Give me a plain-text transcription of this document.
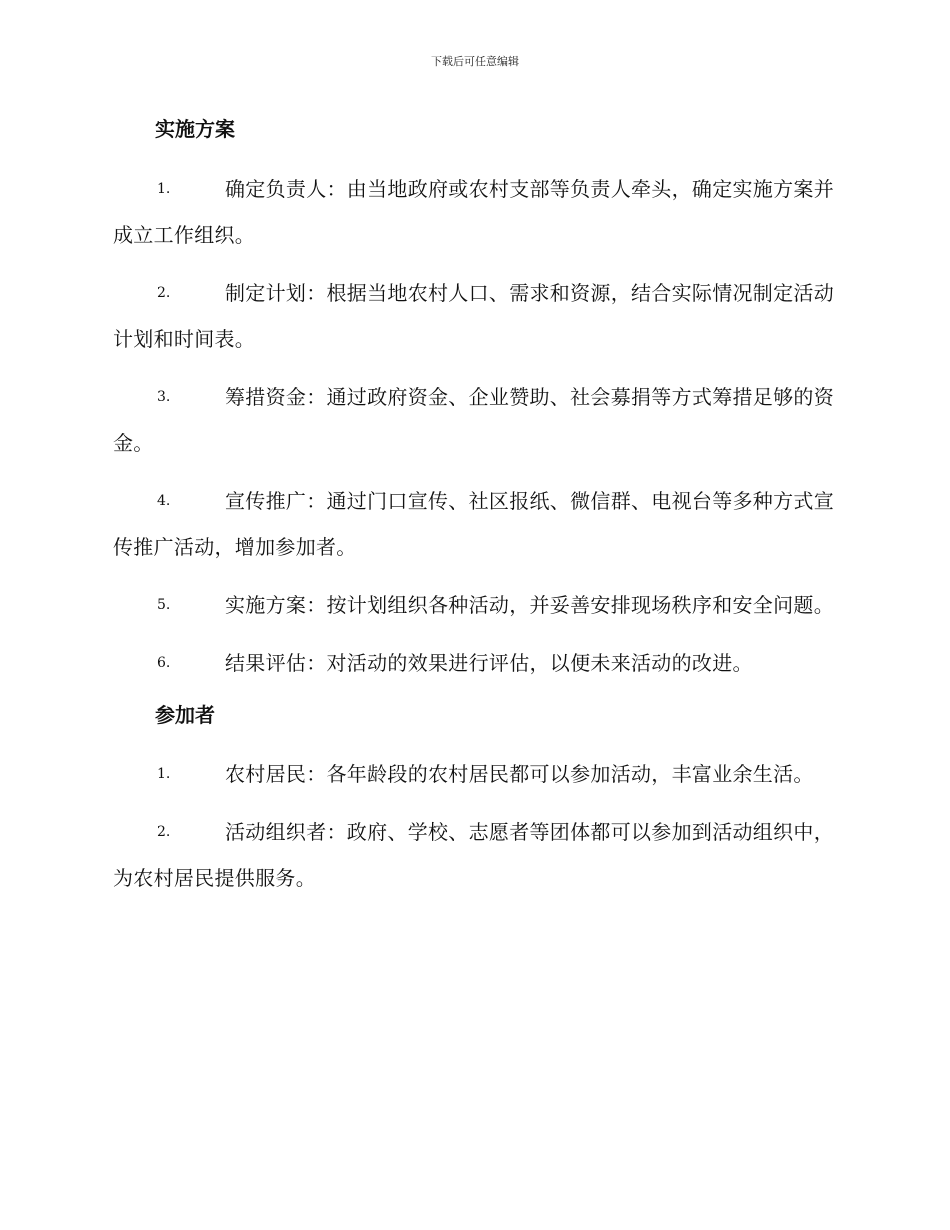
下载后可任意编辑
实施方案
1.	确定负责人：由当地政府或农村支部等负责人牵头，确定实施方案并成立工作组织。
2.	制定计划：根据当地农村人口、需求和资源，结合实际情况制定活动计划和时间表。
3.	筹措资金：通过政府资金、企业赞助、社会募捐等方式筹措足够的资金。
4.	宣传推广：通过门口宣传、社区报纸、微信群、电视台等多种方式宣传推广活动，增加参加者。
5.	实施方案：按计划组织各种活动，并妥善安排现场秩序和安全问题。
6.	结果评估：对活动的效果进行评估，以便未来活动的改进。
参加者
1.	农村居民：各年龄段的农村居民都可以参加活动，丰富业余生活。
2.	活动组织者：政府、学校、志愿者等团体都可以参加到活动组织中，为农村居民提供服务。
